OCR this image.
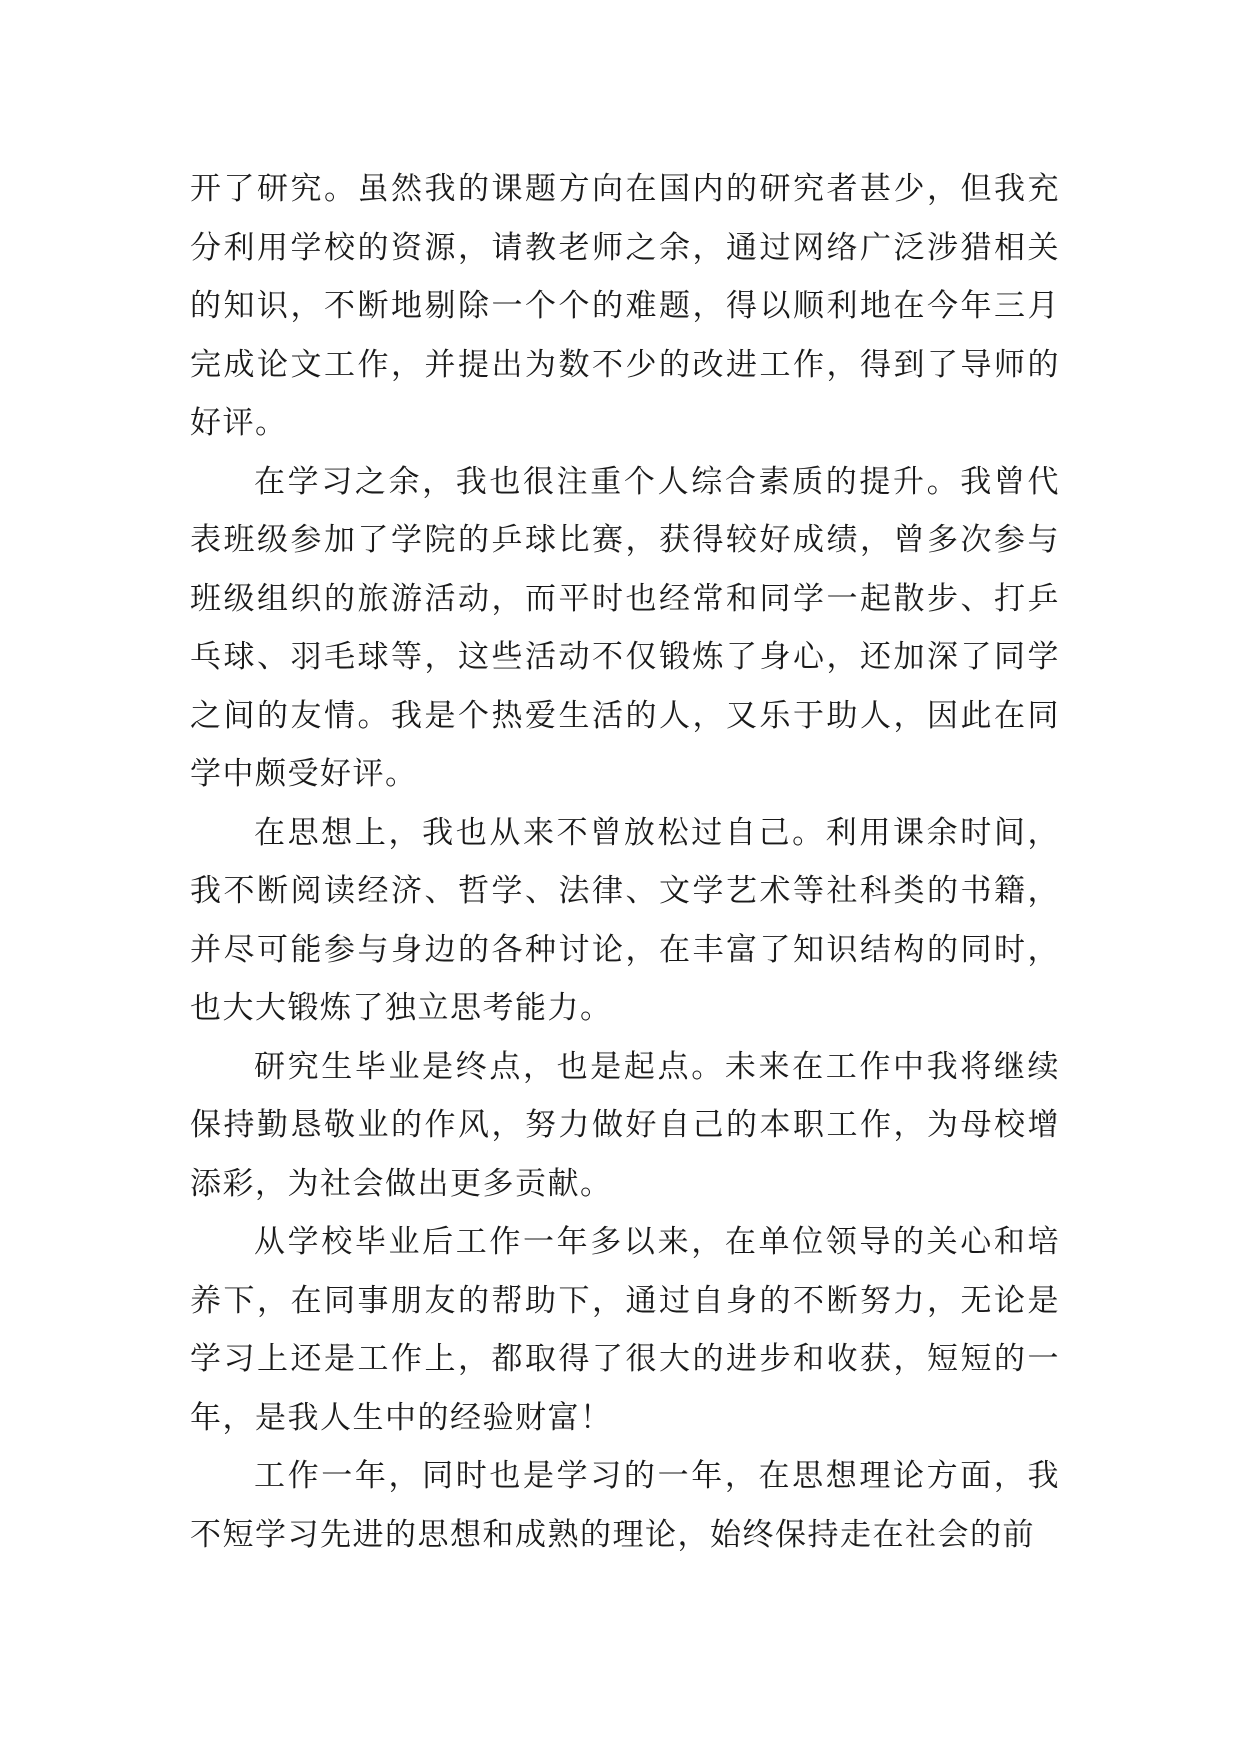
开了研究。虽然我的课题方向在国内的研究者甚少，但我充分利用学校的资源，请教老师之余，通过网络广泛涉猎相关的知识，不断地剔除一个个的难题，得以顺利地在今年三月完成论文工作，并提出为数不少的改进工作，得到了导师的好评。

在学习之余，我也很注重个人综合素质的提升。我曾代表班级参加了学院的乒球比赛，获得较好成绩，曾多次参与班级组织的旅游活动，而平时也经常和同学一起散步、打乒乓球、羽毛球等，这些活动不仅锻炼了身心，还加深了同学之间的友情。我是个热爱生活的人，又乐于助人，因此在同学中颇受好评。

在思想上，我也从来不曾放松过自己。利用课余时间，我不断阅读经济、哲学、法律、文学艺术等社科类的书籍，并尽可能参与身边的各种讨论，在丰富了知识结构的同时，也大大锻炼了独立思考能力。

研究生毕业是终点，也是起点。未来在工作中我将继续保持勤恳敬业的作风，努力做好自己的本职工作，为母校增添彩，为社会做出更多贡献。

从学校毕业后工作一年多以来，在单位领导的关心和培养下，在同事朋友的帮助下，通过自身的不断努力，无论是学习上还是工作上，都取得了很大的进步和收获，短短的一年，是我人生中的经验财富！

工作一年，同时也是学习的一年，在思想理论方面，我不短学习先进的思想和成熟的理论，始终保持走在社会的前
